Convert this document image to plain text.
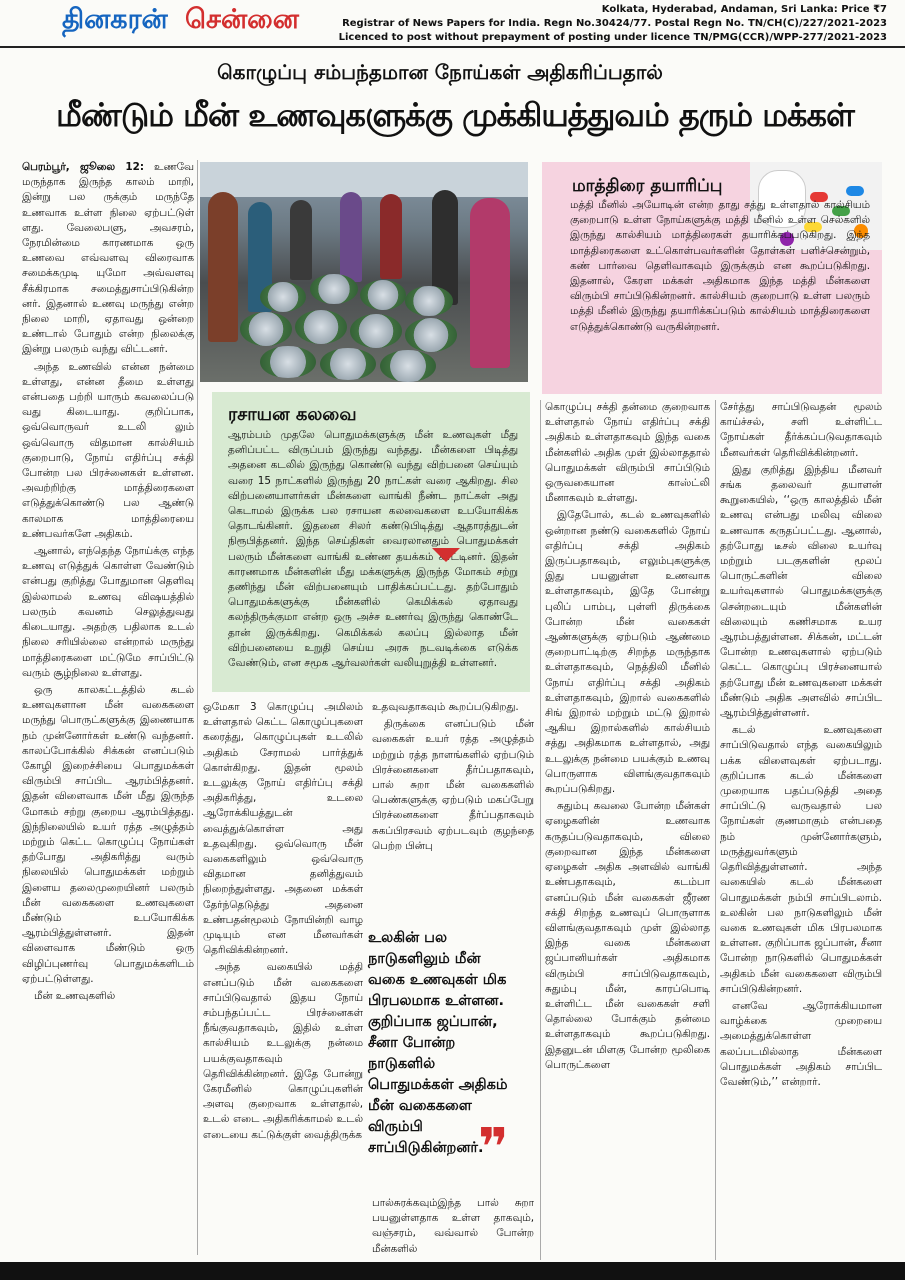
தினகரன் சென்னை	Kolkata, Hyderabad, Andaman, Sri Lanka: Price ₹7
Registrar of News Papers for India. Regn No.30424/77. Postal Regn No. TN/CH(C)/227/2021-2023
Licenced to post without prepayment of posting under licence TN/PMG(CCR)/WPP-277/2021-2023
கொழுப்பு சம்பந்தமான நோய்கள் அதிகரிப்பதால்
மீண்டும் மீன் உணவுகளுக்கு முக்கியத்துவம் தரும் மக்கள்

பெரம்பூர், ஜூலை 12: உணவே மருந்தாக இருந்த காலம் மாறி, இன்று பல ருக்கும் மருந்தே உணவாக உள்ள நிலை ஏற்பட்டுள் ளது. வேலைபளு, அவசரம், நேரமின்மை காரணமாக ஒரு உணவை எவ்வளவு விரைவாக சமைக்கமுடி யுமோ அவ்வளவு சீக்கிரமாக சமைத்துசாப்பிடுகின்ற னர். இதனால் உணவு மருந்து என்ற நிலை மாறி, ஏதாவது ஒன்றை உண்டால் போதும் என்ற நிலைக்கு இன்று பலரும் வந்து விட்டனர்.

அந்த உணவில் என்ன நன்மை உள்ளது, என்ன தீமை உள்ளது என்பதை பற்றி யாரும் கவலைப்படு வது கிடையாது. குறிப்பாக, ஒவ்வொருவர் உடலி லும் ஒவ்வொரு விதமான கால்சியம் குறைபாடு, நோய் எதிர்ப்பு சக்தி போன்ற பல பிரச்னைகள் உள்ளன. அவற்றிற்கு மாத்திரைகளை எடுத்துக்கொண்டு பல ஆண்டு காலமாக மாத்திரையை உண்பவர்களே அதிகம்.

ஆனால், எந்தெந்த நோய்க்கு எந்த உணவு எடுத்துக் கொள்ள வேண்டும் என்பது குறித்து போதுமான தெளிவு இல்லாமல் உணவு விஷயத்தில் பலரும் கவனம் செலுத்துவது கிடையாது. அதற்கு பதிலாக உடல் நிலை சரியில்லை என்றால் மருந்து மாத்திரைகளை மட்டுமே சாப்பிட்டு வரும் சூழ்நிலை உள்ளது.

ஒரு காலகட்டத்தில் கடல் உணவுகளான மீன் வகைகளை மருந்து பொருட்களுக்கு இணையாக நம் முன்னோர்கள் உண்டு வந்தனர். காலப்போக்கில் சிக்கன் எனப்படும் கோழி இறைச்சியை பொதுமக்கள் விரும்பி சாப்பிட ஆரம்பித்தனர். இதன் விளைவாக மீன் மீது இருந்த மோகம் சற்று குறைய ஆரம்பித்தது. இந்நிலையில் உயர் ரத்த அழுத்தம் மற்றும் கெட்ட கொழுப்பு நோய்கள் தற்போது அதிகரித்து வரும் நிலையில் பொதுமக்கள் மற்றும் இளைய தலைமுறையினர் பலரும் மீன் வகைகளை உணவுகளை மீண்டும் உபயோகிக்க ஆரம்பித்துள்ளனர். இதன் விளைவாக மீண்டும் ஒரு விழிப்புணர்வு பொதுமக்களிடம் ஏற்பட்டுள்ளது.

மீன் உணவுகளில்

மாத்திரை தயாரிப்பு
மத்தி மீனில் அயோடின் என்ற தாது சத்து உள்ளதால் கால்சியம் குறைபாடு உள்ள நோய்களுக்கு மத்தி மீனில் உள்ள செல்களில் இருந்து கால்சியம் மாத்திரைகள் தயாரிக்கப்படுகிறது. இந்த மாத்திரைகளை உட்கொள்பவர்களின் தோள்கள் பளிச்சென்றும், கண் பார்வை தெளிவாகவும் இருக்கும் என கூறப்படுகிறது. இதனால், கேரள மக்கள் அதிகமாக இந்த மத்தி மீன்களை விரும்பி சாப்பிடுகின்றனர். கால்சியம் குறைபாடு உள்ள பலரும் மத்தி மீனில் இருந்து தயாரிக்கப்படும் கால்சியம் மாத்திரைகளை எடுத்துக்கொண்டு வருகின்றனர்.
ரசாயன கலவை
ஆரம்பம் முதலே பொதுமக்களுக்கு மீன் உணவுகள் மீது தனிப்பட்ட விருப்பம் இருந்து வந்தது. மீன்களை பிடித்து அதனை கடலில் இருந்து கொண்டு வந்து விற்பனை செய்யும் வரை 15 நாட்களில் இருந்து 20 நாட்கள் வரை ஆகிறது. சில விற்பனையாளர்கள் மீன்களை வாங்கி நீண்ட நாட்கள் அது கெடாமல் இருக்க பல ரசாயன கலவைகளை உபயோகிக்க தொடங்கினர். இதனை சிலர் கண்டுபிடித்து ஆதாரத்துடன் நிரூபித்தனர். இந்த செய்திகள் வைரலானதும் பொதுமக்கள் பலரும் மீன்களை வாங்கி உண்ண தயக்கம் காட்டினர். இதன் காரணமாக மீன்களின் மீது மக்களுக்கு இருந்த மோகம் சற்று தணிந்து மீன் விற்பனையும் பாதிக்கப்பட்டது. தற்போதும் பொதுமக்களுக்கு மீன்களில் கெமிக்கல் ஏதாவது கலந்திருக்குமா என்ற ஒரு அச்ச உணர்வு இருந்து கொண்டே தான் இருக்கிறது. கெமிக்கல் கலப்பு இல்லாத மீன் விற்பனையை உறுதி செய்ய அரசு நடவடிக்கை எடுக்க வேண்டும், என சமூக ஆர்வலர்கள் வலியுறுத்தி உள்ளனர்.

ஒமேகா 3 கொழுப்பு அமிலம் உள்ளதால் கெட்ட கொழுப்புகளை கரைத்து, கொழுப்புகள் உடலில் அதிகம் சேராமல் பார்த்துக் கொள்கிறது. இதன் மூலம் உடலுக்கு நோய் எதிர்ப்பு சக்தி அதிகரித்து, உடலை ஆரோக்கியத்துடன் வைத்துக்கொள்ள அது உதவுகிறது. ஒவ்வொரு மீன் வகைகளிலும் ஒவ்வொரு விதமான தனித்துவம் நிறைந்துள்ளது. அதனை மக்கள் தேர்ந்தெடுத்து அதனை உண்பதன்மூலம் நோயின்றி வாழ முடியும் என மீனவர்கள் தெரிவிக்கின்றனர்.

அந்த வகையில் மத்தி எனப்படும் மீன் வகைகளை சாப்பிடுவதால் இதய நோய் சம்பந்தப்பட்ட பிரச்னைகள் நீங்குவதாகவும், இதில் உள்ள கால்சியம் உடலுக்கு நன்மை பயக்குவதாகவும் தெரிவிக்கின்றனர். இதே போன்று கேரமீனில் கொழுப்புகளின் அளவு குறைவாக உள்ளதால், உடல் எடை அதிகரிக்காமல் உடல் எடையை கட்டுக்குள் வைத்திருக்க

உதவுவதாகவும் கூறப்படுகிறது.

திருக்கை எனப்படும் மீன் வகைகள் உயர் ரத்த அழுத்தம் மற்றும் ரத்த நாளங்களில் ஏற்படும் பிரச்னைகளை தீர்ப்பதாகவும், பால் சுறா மீன் வகைகளில் பெண்களுக்கு ஏற்படும் மகப்பேறு பிரச்னைகளை தீர்ப்பதாகவும் சுகப்பிரசவம் ஏற்படவும் குழந்தை பெற்ற பின்பு

உலகின் பல நாடுகளிலும் மீன் வகை உணவுகள் மிக பிரபலமாக உள்ளன. குறிப்பாக ஜப்பான், சீனா போன்ற நாடுகளில் பொதுமக்கள் அதிகம் மீன் வகைகளை விரும்பி சாப்பிடுகின்றனர்.
❞

பால்சுரக்கவும்இந்த பால் சுறா பயனுள்ளதாக உள்ள தாகவும், வஞ்சரம், வவ்வால் போன்ற மீன்களில்

கொழுப்பு சக்தி தன்மை குறைவாக உள்ளதால் நோய் எதிர்ப்பு சக்தி அதிகம் உள்ளதாகவும் இந்த வகை மீன்களில் அதிக முள் இல்லாததால் பொதுமக்கள் விரும்பி சாப்பிடும் ஒருவகையான காஸ்ட்லி மீனாகவும் உள்ளது.

இதேபோல், கடல் உணவுகளில் ஒன்றான நண்டு வகைகளில் நோய் எதிர்ப்பு சக்தி அதிகம் இருப்பதாகவும், எலும்புகளுக்கு இது பயனுள்ள உணவாக உள்ளதாகவும், இதே போன்று புலிப் பாம்பு, புள்ளி திருக்கை போன்ற மீன் வகைகள் ஆண்களுக்கு ஏற்படும் ஆண்மை குறைபாட்டிற்கு சிறந்த மருந்தாக உள்ளதாகவும், நெத்திலி மீனில் நோய் எதிர்ப்பு சக்தி அதிகம் உள்ளதாகவும், இறால் வகைகளில் சிங் இறால் மற்றும் மட்டு இறால் ஆகிய இறால்களில் கால்சியம் சத்து அதிகமாக உள்ளதால், அது உடலுக்கு நன்மை பயக்கும் உணவு பொருளாக விளங்குவதாகவும் கூறப்படுகிறது.

சுதும்பு கவலை போன்ற மீன்கள் ஏழைகளின் உணவாக கருதப்படுவதாகவும், விலை குறைவான இந்த மீன்களை ஏழைகள் அதிக அளவில் வாங்கி உண்பதாகவும், கடம்பா எனப்படும் மீன் வகைகள் ஜீரண சக்தி சிறந்த உணவுப் பொருளாக விளங்குவதாகவும் முள் இல்லாத இந்த வகை மீன்களை ஜப்பானியர்கள் அதிகமாக விரும்பி சாப்பிடுவதாகவும், சுதும்பு மீன், காரப்பொடி உள்ளிட்ட மீன் வகைகள் சளி தொல்லை போக்கும் தன்மை உள்ளதாகவும் கூறப்படுகிறது. இதனுடன் மிளகு போன்ற மூலிகை பொருட்களை

சேர்த்து சாப்பிடுவதன் மூலம் காய்ச்சல், சளி உள்ளிட்ட நோய்கள் தீர்க்கப்படுவதாகவும் மீனவர்கள் தெரிவிக்கின்றனர்.

இது குறித்து இந்திய மீனவர் சங்க தலைவர் தயாளன் கூறுகையில், ‘‘ஒரு காலத்தில் மீன் உணவு என்பது மலிவு விலை உணவாக கருதப்பட்டது. ஆனால், தற்போது டீசல் விலை உயர்வு மற்றும் படகுகளின் மூலப் பொருட்களின் விலை உயர்வுகளால் பொதுமக்களுக்கு சென்றடையும் மீன்களின் விலையும் கணிசமாக உயர ஆரம்பத்துள்ளன. சிக்கன், மட்டன் போன்ற உணவுகளால் ஏற்படும் கெட்ட கொழுப்பு பிரச்னையால் தற்போது மீன் உணவுகளை மக்கள் மீண்டும் அதிக அளவில் சாப்பிட ஆரம்பித்துள்ளனர்.

கடல் உணவுகளை சாப்பிடுவதால் எந்த வகையிலும் பக்க விளைவுகள் ஏற்படாது. குறிப்பாக கடல் மீன்களை முறையாக பதப்படுத்தி அதை சாப்பிட்டு வருவதால் பல நோய்கள் குணமாகும் என்பதை நம் முன்னோர்களும், மருத்துவர்களும் தெரிவித்துள்ளனர். அந்த வகையில் கடல் மீன்களை பொதுமக்கள் நம்பி சாப்பிடலாம். உலகின் பல நாடுகளிலும் மீன் வகை உணவுகள் மிக பிரபலமாக உள்ளன. குறிப்பாக ஜப்பான், சீனா போன்ற நாடுகளில் பொதுமக்கள் அதிகம் மீன் வகைகளை விரும்பி சாப்பிடுகின்றனர்.

எனவே ஆரோக்கியமான வாழ்க்கை முறையை அமைத்துக்கொள்ள கலப்படமில்லாத மீன்களை பொதுமக்கள் அதிகம் சாப்பிட வேண்டும்,’’ என்றார்.
